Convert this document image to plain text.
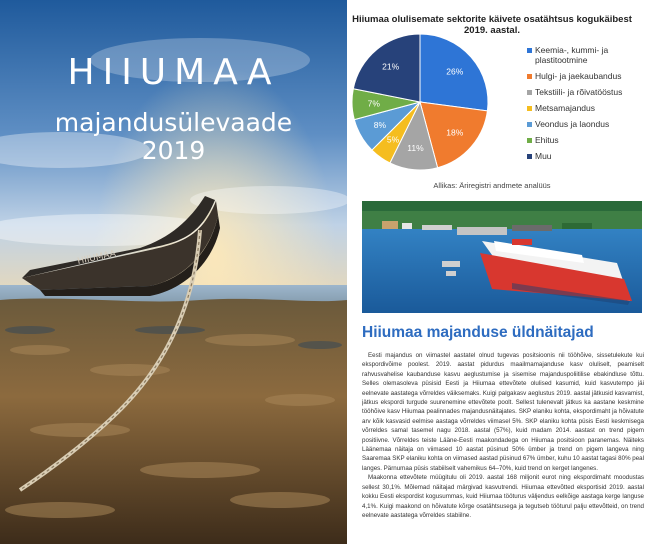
HIIUMAA
HIIUMAA
majandusülevaade
2019
Hiiumaa olulisemate sektorite käivete osatähtsus kogukäibest 2019. aastal.
26%
18%
11%
5%
8%
7%
21%
Keemia-, kummi- ja plastitootmine
Hulgi- ja jaekaubandus
Tekstiili- ja rõivatööstus
Metsamajandus
Veondus ja laondus
Ehitus
Muu
Allikas: Äriregistri andmete analüüs
Hiiumaa majanduse üldnäitajad

Eesti majandus on viimastel aastatel olnud tugevas positsioonis nii tööhõive, sissetulekute kui ekspordivõime poolest. 2019. aastat pidurdus maailmamajanduse kasv oluliselt, peamiselt rahvusvahelise kaubanduse kasvu aeglustumise ja sisemise majanduspoliitilise ebakindluse tõttu. Selles olemasoleva püsisid Eesti ja Hiiumaa ettevõtete olulised kasumid, kuid kasvutempo jäi eelnevate aastatega võrreldes väiksemaks. Kuigi palgakasv aeglustus 2019. aastal jätkusid kasvamist, jätkus ekspordi turgude suurenemine ettevõtete poolt. Sellest tulenevalt jätkus ka aastane keskmine tööhõive kasv Hiiumaa pealinnades majandusnäitajates. SKP elaniku kohta, ekspordimaht ja hõivatute arv kõik kasvasid eelmise aastaga võrreldes viimasel 5%. SKP elaniku kohta püsis Eesti keskmisega võrreldes samal tasemel nagu 2018. aastal (57%), kuid madam 2014. aastast on trend pigem positiivne. Võrreldes teiste Lääne-Eesti maakondadega on Hiiumaa positsioon paranemas. Näiteks Läänemaa näitaja on viimased 10 aastat püsinud 50% ümber ja trend on pigem langeva ning Saaremaa SKP elaniku kohta on viimased aastad püsinud 67% ümber, kuhu 10 aastat tagasi 80% peal langes. Pärnumaa püsis stabiilselt vahemikus 64–70%, kuid trend on kerget langenes.

Maakonna ettevõtete müügitulu oli 2019. aastal 168 miljonit eurot ning ekspordimaht moodustas sellest 30,1%. Mõlemad näitajad märgivad kasvutrendi. Hiiumaa ettevõtted eksportisid 2019. aastal kokku Eesti ekspordist kogusummas, kuid Hiiumaa tööturus väljendus eelkõige aastaga kerge languse 4,1%. Kuigi maakond on hõivatute kõrge osatähtsusega ja tegutseb tööturul palju ettevõtteid, on trend eelnevate aastatega võrreldes stabiilne.
